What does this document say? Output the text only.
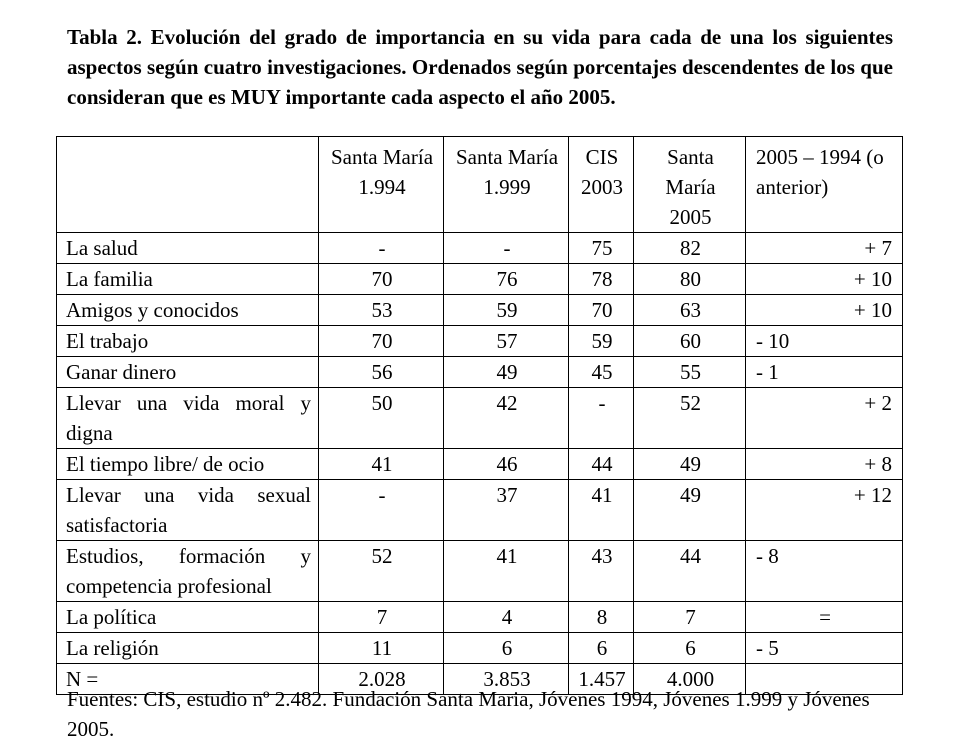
Tabla 2. Evolución del grado de importancia en su vida para cada de una los siguientes aspectos según cuatro investigaciones. Ordenados según porcentajes descendentes de los que consideran que es MUY importante cada aspecto el año 2005.
	Santa María 1.994	Santa María 1.999	CIS 2003	Santa María 2005	2005 – 1994 (o anterior)
La salud	-	-	75	82	+ 7
La familia	70	76	78	80	+ 10
Amigos y conocidos	53	59	70	63	+ 10
El trabajo	70	57	59	60	- 10
Ganar dinero	56	49	45	55	- 1
Llevar una vida moral y digna	50	42	-	52	+ 2
El tiempo libre/ de ocio	41	46	44	49	+ 8
Llevar una vida sexual satisfactoria	-	37	41	49	+ 12
Estudios, formación y competencia profesional	52	41	43	44	- 8
La política	7	4	8	7	=
La religión	11	6	6	6	- 5
N =	2.028	3.853	1.457	4.000	
Fuentes: CIS, estudio nº 2.482. Fundación Santa Maria, Jóvenes 1994, Jóvenes 1.999 y Jóvenes 2005.
